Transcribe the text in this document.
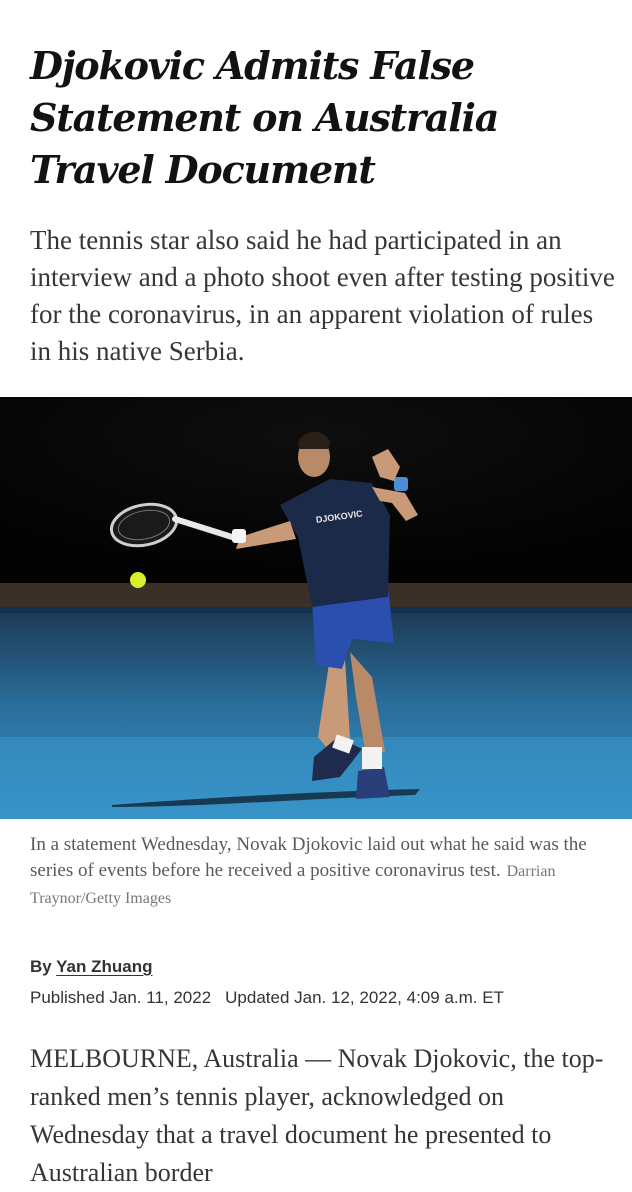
Djokovic Admits False Statement on Australia Travel Document

The tennis star also said he had participated in an interview and a photo shoot even after testing positive for the coronavirus, in an apparent violation of rules in his native Serbia.

DJOKOVIC

In a statement Wednesday, Novak Djokovic laid out what he said was the series of events before he received a positive coronavirus test. Darrian Traynor/Getty Images

By Yan Zhuang
Published Jan. 11, 2022 Updated Jan. 12, 2022, 4:09 a.m. ET

MELBOURNE, Australia — Novak Djokovic, the top-ranked men’s tennis player, acknowledged on Wednesday that a travel document he presented to Australian border
